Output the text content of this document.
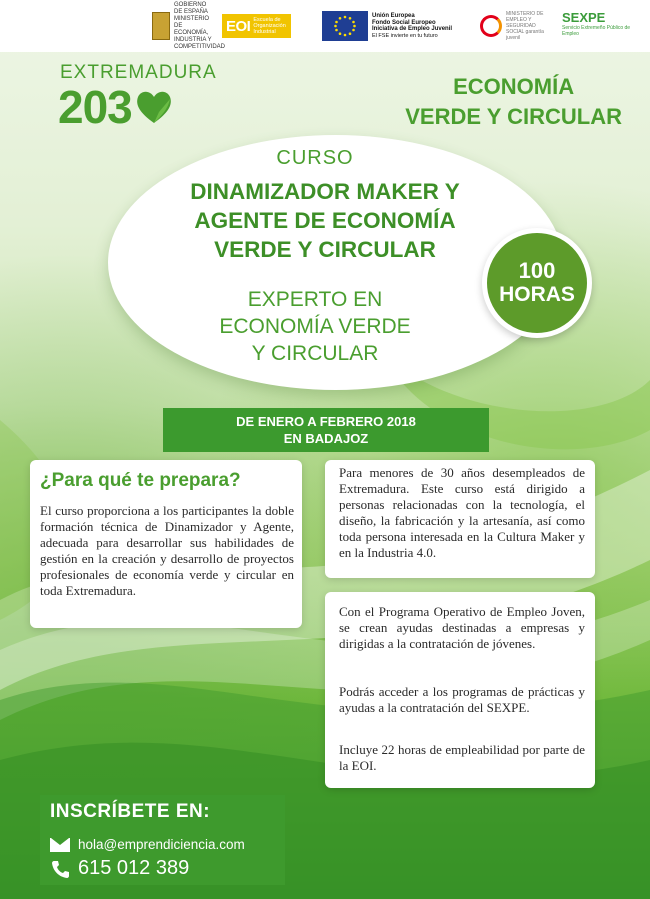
GOBIERNO DE ESPAÑA MINISTERIO DE ECONOMÍA, INDUSTRIA Y COMPETITIVIDAD
EOI Escuela de Organización Industrial
Unión Europea
Fondo Social Europeo
Iniciativa de Empleo Juvenil
El FSE invierte en tu futuro
MINISTERIO DE EMPLEO Y SEGURIDAD SOCIAL garantía juvenil
SEXPE
Servicio Extremeño Público de Empleo
EXTREMADURA
203	ECONOMÍA
VERDE Y CIRCULAR
CURSO
DINAMIZADOR MAKER Y
AGENTE DE ECONOMÍA
VERDE Y CIRCULAR
EXPERTO EN
ECONOMÍA VERDE
Y CIRCULAR
100
HORAS
DE ENERO A FEBRERO 2018
EN BADAJOZ
¿Para qué te prepara?

El curso proporciona a los participantes la doble formación técnica de Dinamizador y Agente, adecuada para desarrollar sus habilidades de gestión en la creación y desarrollo de proyectos profesionales de economía verde y circular en toda Extremadura.

Para menores de 30 años desempleados de Extremadura. Este curso está dirigido a personas relacionadas con la tecnología, el diseño, la fabricación y la artesanía, así como toda persona interesada en la Cultura Maker y en la Industria 4.0.

Con el Programa Operativo de Empleo Joven, se crean ayudas destinadas a empresas y dirigidas a la contratación de jóvenes.

Podrás acceder a los programas de prácticas y ayudas a la contratación del SEXPE.

Incluye 22 horas de empleabilidad por parte de la EOI.

INSCRÍBETE EN:
hola@emprendiciencia.com
615 012 389
